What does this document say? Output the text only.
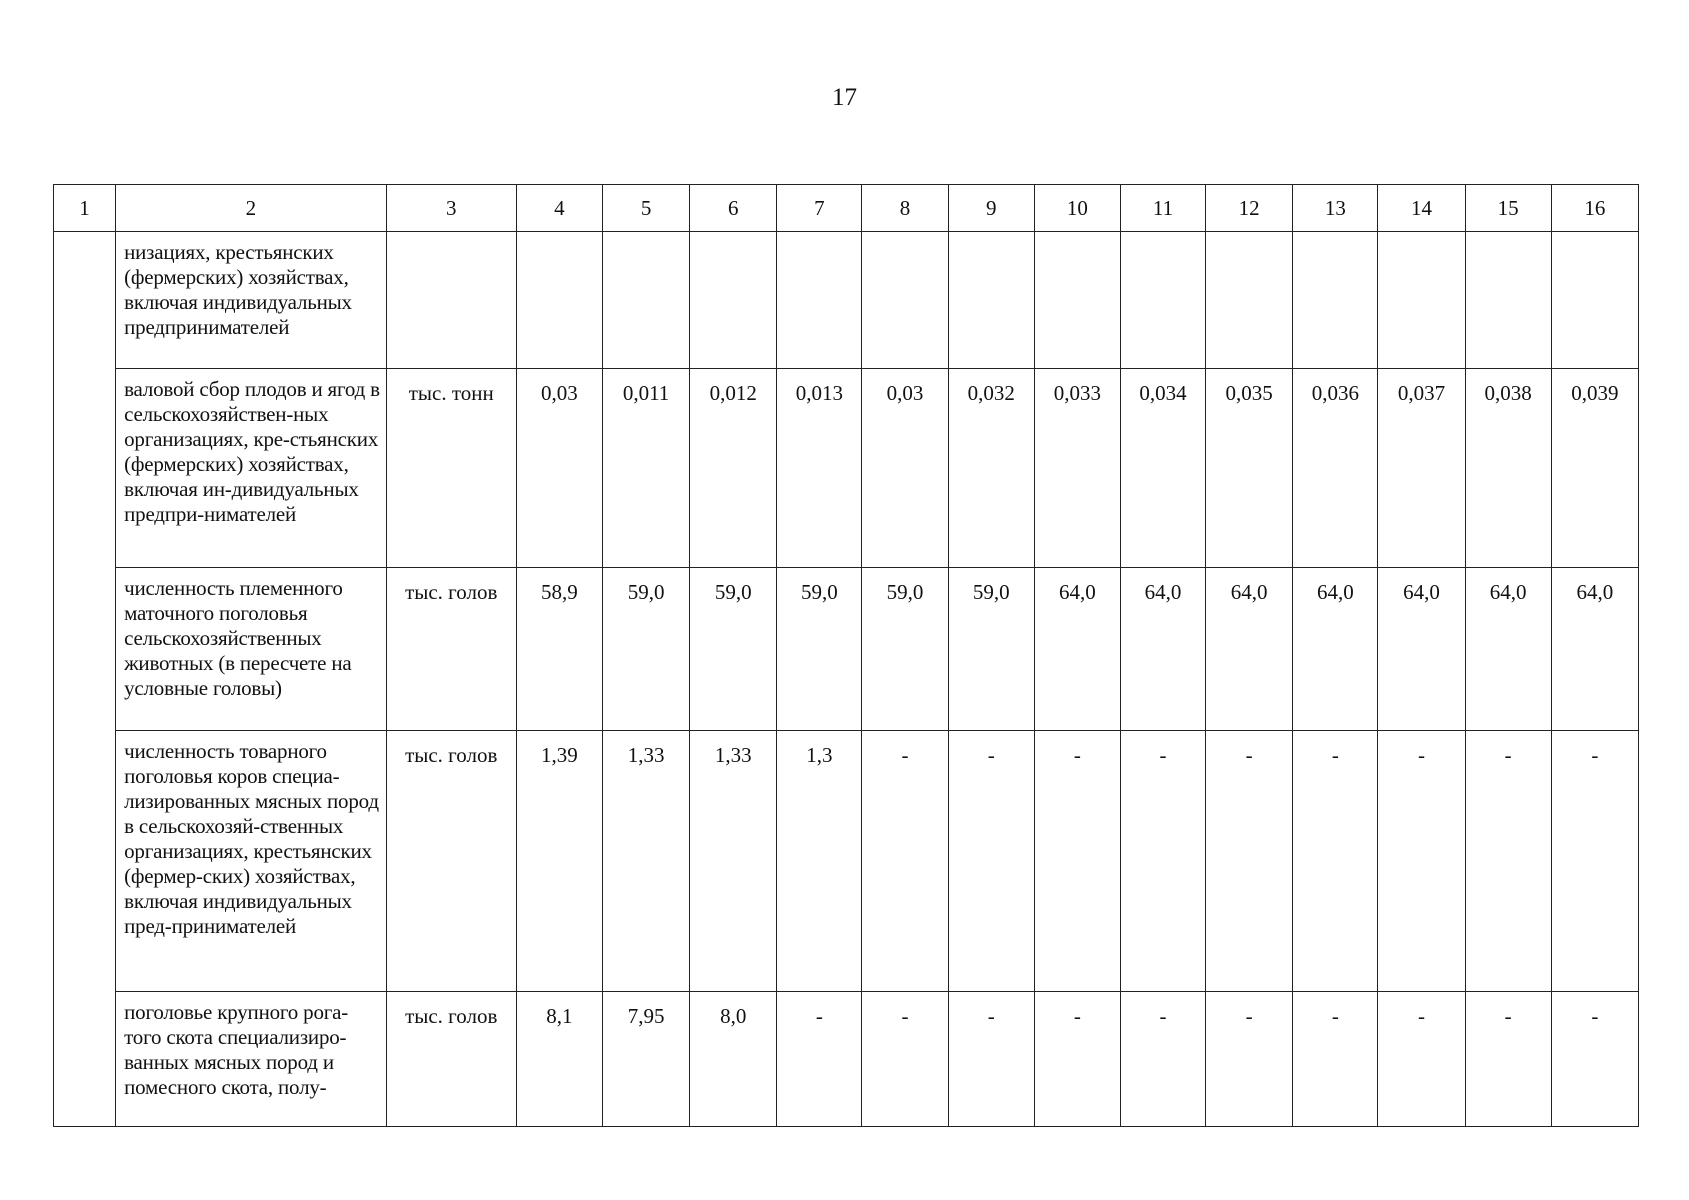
17
1	2	3	4	5	6	7	8	9	10	11	12	13	14	15	16
	низациях, крестьянских (фермерских) хозяйствах, включая индивидуальных предпринимателей														
	валовой сбор плодов и ягод в сельскохозяйствен-ных организациях, кре-стьянских (фермерских) хозяйствах, включая ин-дивидуальных предпри-нимателей	тыс. тонн	0,03	0,011	0,012	0,013	0,03	0,032	0,033	0,034	0,035	0,036	0,037	0,038	0,039
	численность племенного маточного поголовья сельскохозяйственных животных (в пересчете на условные головы)	тыс. голов	58,9	59,0	59,0	59,0	59,0	59,0	64,0	64,0	64,0	64,0	64,0	64,0	64,0
	численность товарного поголовья коров специа-лизированных мясных пород в сельскохозяй-ственных организациях, крестьянских (фермер-ских) хозяйствах, включая индивидуальных пред-принимателей	тыс. голов	1,39	1,33	1,33	1,3	-	-	-	-	-	-	-	-	-
	поголовье крупного рога-того скота специализиро-ванных мясных пород и помесного скота, полу-	тыс. голов	8,1	7,95	8,0	-	-	-	-	-	-	-	-	-	-
